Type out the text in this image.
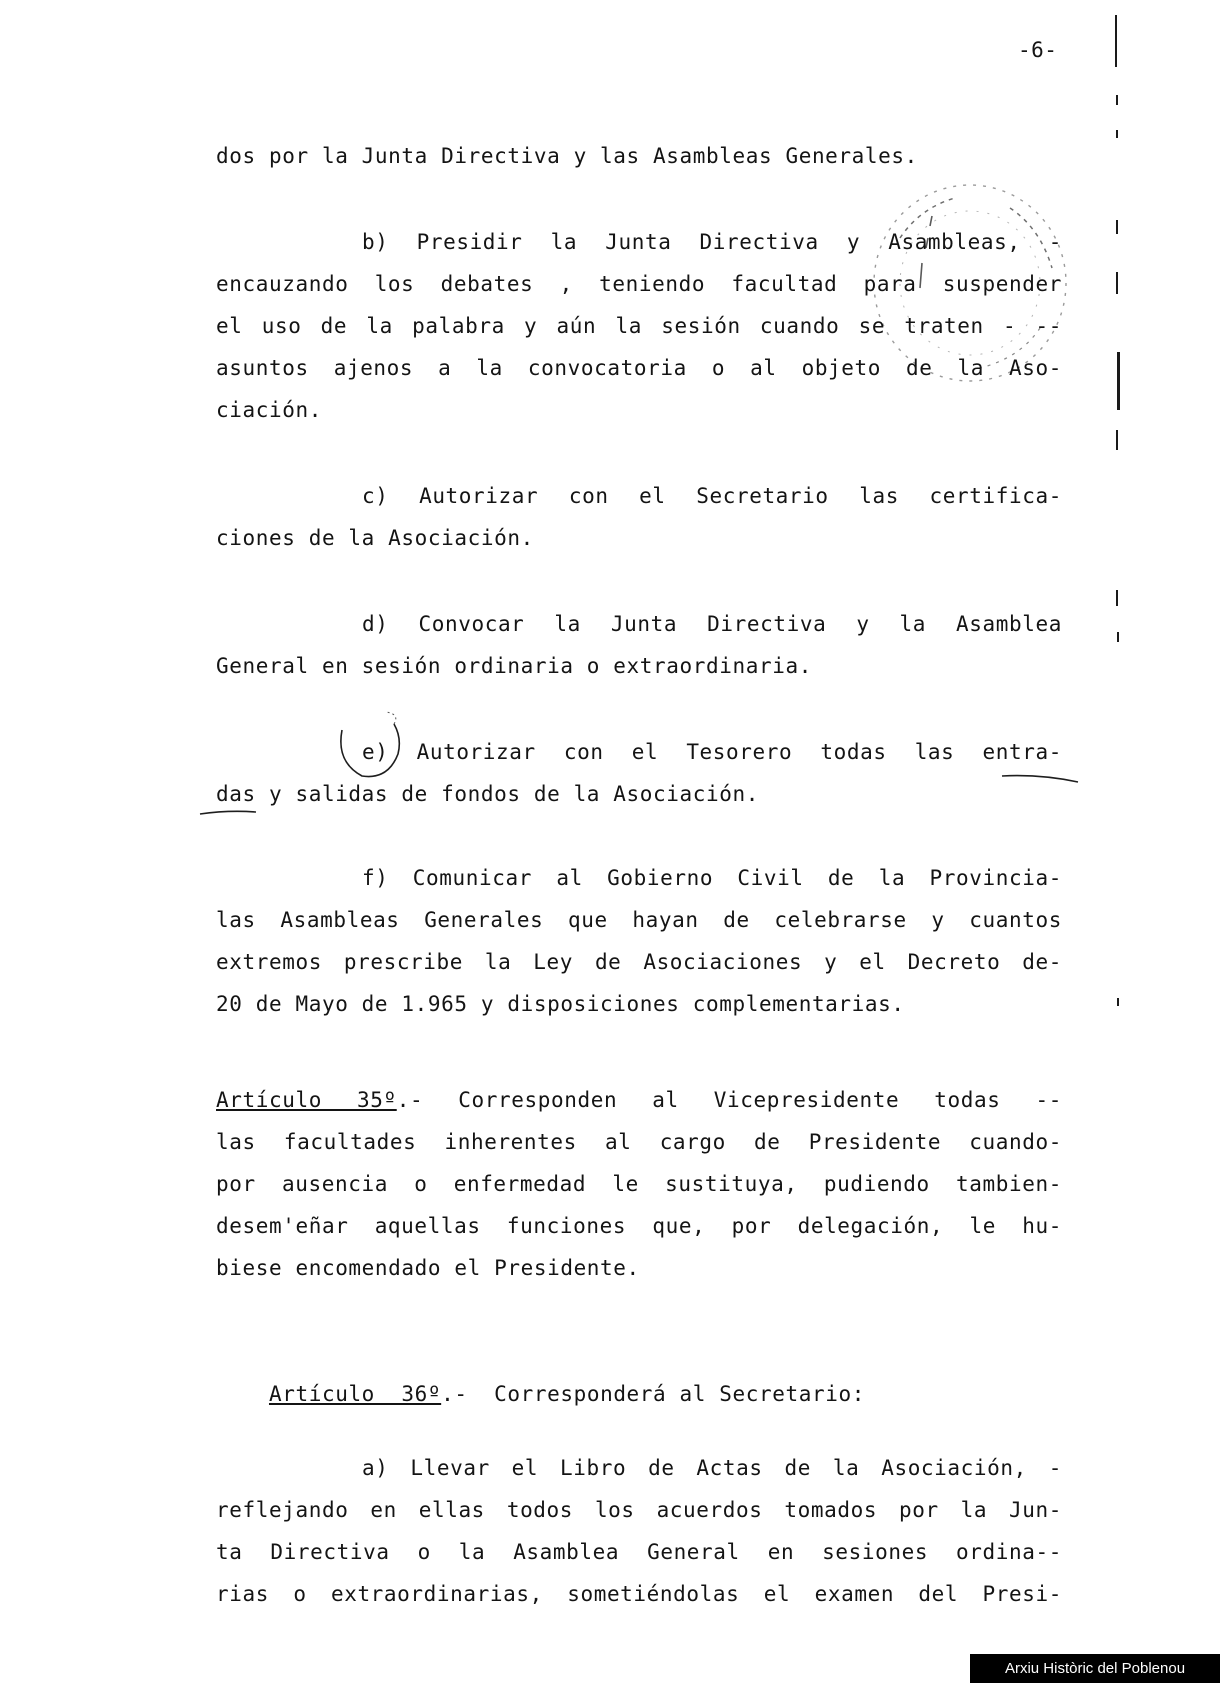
-6-
dos por la Junta Directiva y las Asambleas Generales.
b) Presidir la Junta Directiva y Asambleas, -
encauzando los debates , teniendo facultad para suspender
el uso de la palabra y aún la sesión cuando se traten - --
asuntos ajenos a la convocatoria o al objeto de la Aso-
ciación.
c) Autorizar con el Secretario las certifica-
ciones de la Asociación.
d) Convocar la Junta Directiva y la Asamblea
General en sesión ordinaria o extraordinaria.
e) Autorizar con el Tesorero todas las entra-
das y salidas de fondos de la Asociación.
f) Comunicar al Gobierno Civil de la Provincia-
las Asambleas Generales que hayan de celebrarse y cuantos
extremos prescribe la Ley de Asociaciones y el Decreto de-
20 de Mayo de 1.965 y disposiciones complementarias.
Artículo 35º.- Corresponden al Vicepresidente todas --
las facultades inherentes al cargo de Presidente cuando-
por ausencia o enfermedad le sustituya, pudiendo tambien-
desem'eñar aquellas funciones que, por delegación, le hu-
biese encomendado el Presidente.

Artículo  36º.-  Corresponderá al Secretario:

a) Llevar el Libro de Actas de la Asociación, -
reflejando en ellas todos los acuerdos tomados por la Jun-
ta Directiva o la Asamblea General en sesiones ordina--
rias o extraordinarias, sometiéndolas el examen del Presi-
Arxiu Històric del Poblenou
